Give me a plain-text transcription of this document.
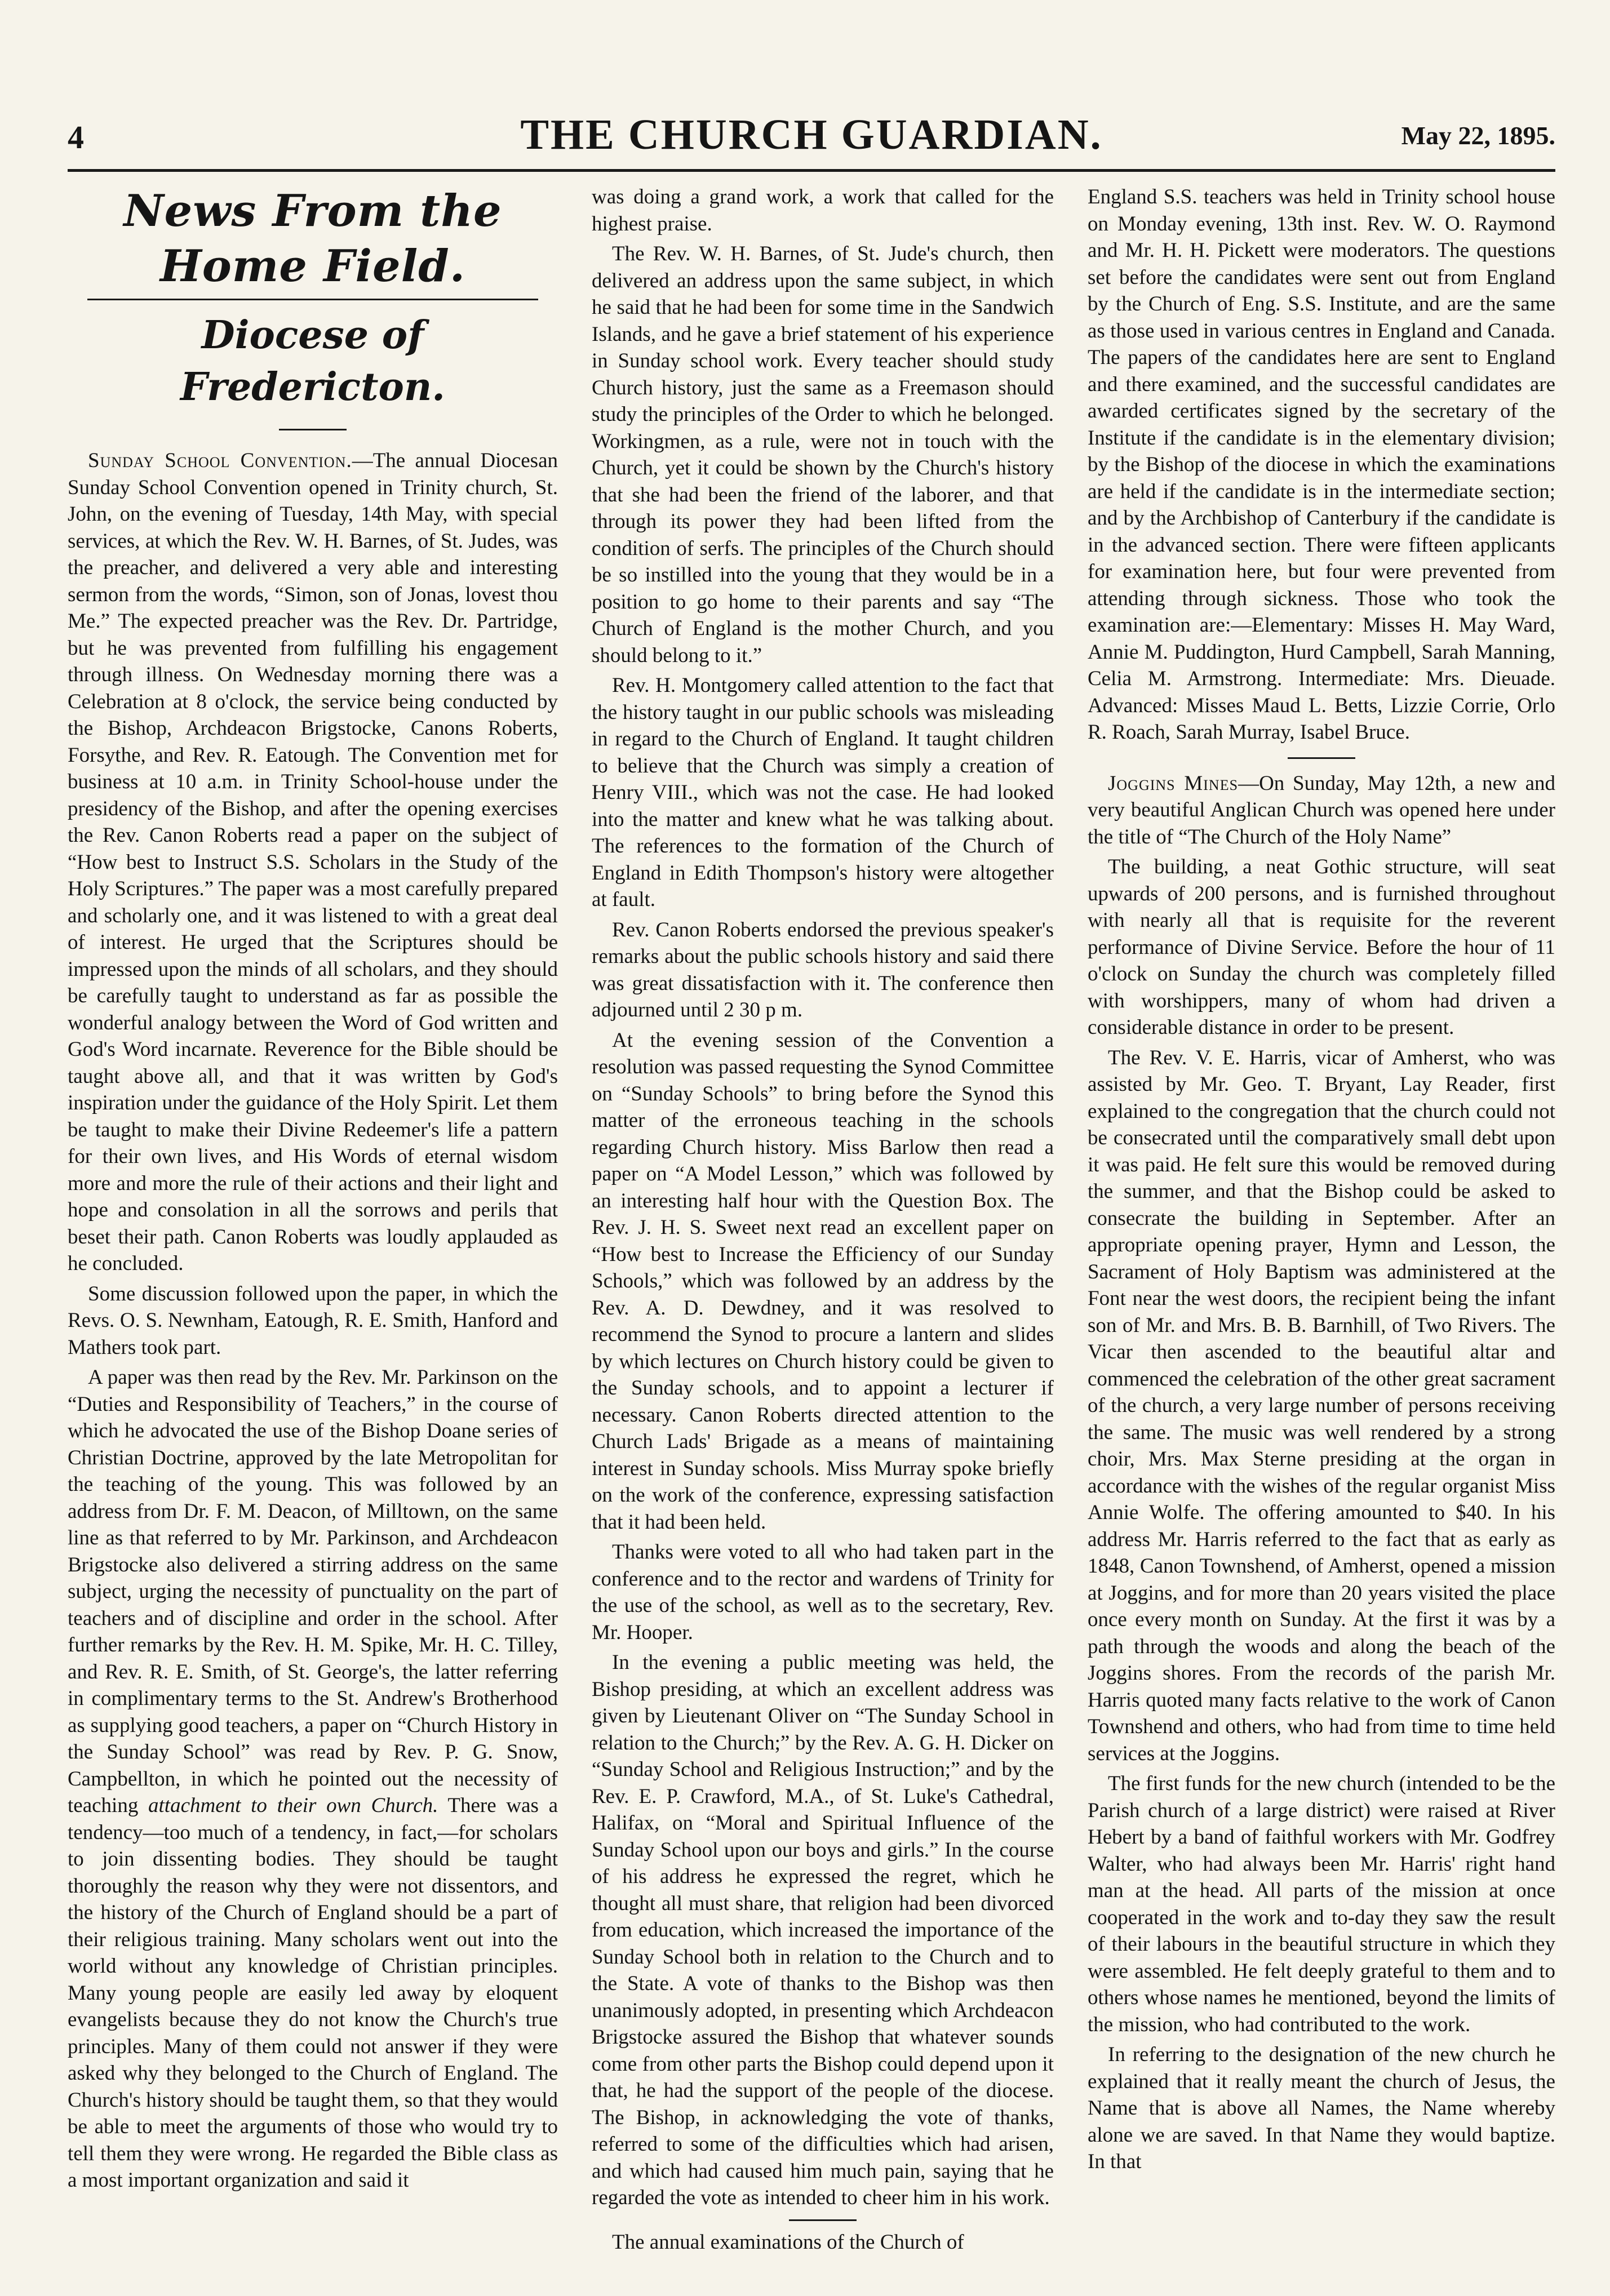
4	THE CHURCH GUARDIAN.	May 22, 1895.
News From the Home Field.
Diocese of Fredericton.

Sunday School Convention.—The annual Diocesan Sunday School Convention opened in Trinity church, St. John, on the evening of Tuesday, 14th May, with special services, at which the Rev. W. H. Barnes, of St. Judes, was the preacher, and delivered a very able and interesting sermon from the words, “Simon, son of Jonas, lovest thou Me.” The expected preacher was the Rev. Dr. Partridge, but he was prevented from fulfilling his engagement through illness. On Wednesday morning there was a Celebration at 8 o'clock, the service being conducted by the Bishop, Archdeacon Brigstocke, Canons Roberts, Forsythe, and Rev. R. Eatough. The Convention met for business at 10 a.m. in Trinity School-house under the presidency of the Bishop, and after the opening exercises the Rev. Canon Roberts read a paper on the subject of “How best to Instruct S.S. Scholars in the Study of the Holy Scriptures.” The paper was a most carefully prepared and scholarly one, and it was listened to with a great deal of interest. He urged that the Scriptures should be impressed upon the minds of all scholars, and they should be carefully taught to understand as far as possible the wonderful analogy between the Word of God written and God's Word incarnate. Reverence for the Bible should be taught above all, and that it was written by God's inspiration under the guidance of the Holy Spirit. Let them be taught to make their Divine Redeemer's life a pattern for their own lives, and His Words of eternal wisdom more and more the rule of their actions and their light and hope and consolation in all the sorrows and perils that beset their path. Canon Roberts was loudly applauded as he concluded.

Some discussion followed upon the paper, in which the Revs. O. S. Newnham, Eatough, R. E. Smith, Hanford and Mathers took part.

A paper was then read by the Rev. Mr. Parkinson on the “Duties and Responsibility of Teachers,” in the course of which he advocated the use of the Bishop Doane series of Christian Doctrine, approved by the late Metropolitan for the teaching of the young. This was followed by an address from Dr. F. M. Deacon, of Milltown, on the same line as that referred to by Mr. Parkinson, and Archdeacon Brigstocke also delivered a stirring address on the same subject, urging the necessity of punctuality on the part of teachers and of discipline and order in the school. After further remarks by the Rev. H. M. Spike, Mr. H. C. Tilley, and Rev. R. E. Smith, of St. George's, the latter referring in complimentary terms to the St. Andrew's Brotherhood as supplying good teachers, a paper on “Church History in the Sunday School” was read by Rev. P. G. Snow, Campbellton, in which he pointed out the necessity of teaching attachment to their own Church. There was a tendency—too much of a tendency, in fact,—for scholars to join dissenting bodies. They should be taught thoroughly the reason why they were not dissentors, and the history of the Church of England should be a part of their religious training. Many scholars went out into the world without any knowledge of Christian principles. Many young people are easily led away by eloquent evangelists because they do not know the Church's true principles. Many of them could not answer if they were asked why they belonged to the Church of England. The Church's history should be taught them, so that they would be able to meet the arguments of those who would try to tell them they were wrong. He regarded the Bible class as a most important organization and said it

was doing a grand work, a work that called for the highest praise.

The Rev. W. H. Barnes, of St. Jude's church, then delivered an address upon the same subject, in which he said that he had been for some time in the Sandwich Islands, and he gave a brief statement of his experience in Sunday school work. Every teacher should study Church history, just the same as a Freemason should study the principles of the Order to which he belonged. Workingmen, as a rule, were not in touch with the Church, yet it could be shown by the Church's history that she had been the friend of the laborer, and that through its power they had been lifted from the condition of serfs. The principles of the Church should be so instilled into the young that they would be in a position to go home to their parents and say “The Church of England is the mother Church, and you should belong to it.”

Rev. H. Montgomery called attention to the fact that the history taught in our public schools was misleading in regard to the Church of England. It taught children to believe that the Church was simply a creation of Henry VIII., which was not the case. He had looked into the matter and knew what he was talking about. The references to the formation of the Church of England in Edith Thompson's history were altogether at fault.

Rev. Canon Roberts endorsed the previous speaker's remarks about the public schools history and said there was great dissatisfaction with it. The conference then adjourned until 2 30 p m.

At the evening session of the Convention a resolution was passed requesting the Synod Committee on “Sunday Schools” to bring before the Synod this matter of the erroneous teaching in the schools regarding Church history. Miss Barlow then read a paper on “A Model Lesson,” which was followed by an interesting half hour with the Question Box. The Rev. J. H. S. Sweet next read an excellent paper on “How best to Increase the Efficiency of our Sunday Schools,” which was followed by an address by the Rev. A. D. Dewdney, and it was resolved to recommend the Synod to procure a lantern and slides by which lectures on Church history could be given to the Sunday schools, and to appoint a lecturer if necessary. Canon Roberts directed attention to the Church Lads' Brigade as a means of maintaining interest in Sunday schools. Miss Murray spoke briefly on the work of the conference, expressing satisfaction that it had been held.

Thanks were voted to all who had taken part in the conference and to the rector and wardens of Trinity for the use of the school, as well as to the secretary, Rev. Mr. Hooper.

In the evening a public meeting was held, the Bishop presiding, at which an excellent address was given by Lieutenant Oliver on “The Sunday School in relation to the Church;” by the Rev. A. G. H. Dicker on “Sunday School and Religious Instruction;” and by the Rev. E. P. Crawford, M.A., of St. Luke's Cathedral, Halifax, on “Moral and Spiritual Influence of the Sunday School upon our boys and girls.” In the course of his address he expressed the regret, which he thought all must share, that religion had been divorced from education, which increased the importance of the Sunday School both in relation to the Church and to the State. A vote of thanks to the Bishop was then unanimously adopted, in presenting which Archdeacon Brigstocke assured the Bishop that whatever sounds come from other parts the Bishop could depend upon it that, he had the support of the people of the diocese. The Bishop, in acknowledging the vote of thanks, referred to some of the difficulties which had arisen, and which had caused him much pain, saying that he regarded the vote as intended to cheer him in his work.

The annual examinations of the Church of

England S.S. teachers was held in Trinity school house on Monday evening, 13th inst. Rev. W. O. Raymond and Mr. H. H. Pickett were moderators. The questions set before the candidates were sent out from England by the Church of Eng. S.S. Institute, and are the same as those used in various centres in England and Canada. The papers of the candidates here are sent to England and there examined, and the successful candidates are awarded certificates signed by the secretary of the Institute if the candidate is in the elementary division; by the Bishop of the diocese in which the examinations are held if the candidate is in the intermediate section; and by the Archbishop of Canterbury if the candidate is in the advanced section. There were fifteen applicants for examination here, but four were prevented from attending through sickness. Those who took the examination are:—Elementary: Misses H. May Ward, Annie M. Puddington, Hurd Campbell, Sarah Manning, Celia M. Armstrong. Intermediate: Mrs. Dieuade. Advanced: Misses Maud L. Betts, Lizzie Corrie, Orlo R. Roach, Sarah Murray, Isabel Bruce.

Joggins Mines—On Sunday, May 12th, a new and very beautiful Anglican Church was opened here under the title of “The Church of the Holy Name”

The building, a neat Gothic structure, will seat upwards of 200 persons, and is furnished throughout with nearly all that is requisite for the reverent performance of Divine Service. Before the hour of 11 o'clock on Sunday the church was completely filled with worshippers, many of whom had driven a considerable distance in order to be present.

The Rev. V. E. Harris, vicar of Amherst, who was assisted by Mr. Geo. T. Bryant, Lay Reader, first explained to the congregation that the church could not be consecrated until the comparatively small debt upon it was paid. He felt sure this would be removed during the summer, and that the Bishop could be asked to consecrate the building in September. After an appropriate opening prayer, Hymn and Lesson, the Sacrament of Holy Baptism was administered at the Font near the west doors, the recipient being the infant son of Mr. and Mrs. B. B. Barnhill, of Two Rivers. The Vicar then ascended to the beautiful altar and commenced the celebration of the other great sacrament of the church, a very large number of persons receiving the same. The music was well rendered by a strong choir, Mrs. Max Sterne presiding at the organ in accordance with the wishes of the regular organist Miss Annie Wolfe. The offering amounted to $40. In his address Mr. Harris referred to the fact that as early as 1848, Canon Townshend, of Amherst, opened a mission at Joggins, and for more than 20 years visited the place once every month on Sunday. At the first it was by a path through the woods and along the beach of the Joggins shores. From the records of the parish Mr. Harris quoted many facts relative to the work of Canon Townshend and others, who had from time to time held services at the Joggins.

The first funds for the new church (intended to be the Parish church of a large district) were raised at River Hebert by a band of faithful workers with Mr. Godfrey Walter, who had always been Mr. Harris' right hand man at the head. All parts of the mission at once cooperated in the work and to-day they saw the result of their labours in the beautiful structure in which they were assembled. He felt deeply grateful to them and to others whose names he mentioned, beyond the limits of the mission, who had contributed to the work.

In referring to the designation of the new church he explained that it really meant the church of Jesus, the Name that is above all Names, the Name whereby alone we are saved. In that Name they would baptize. In that
